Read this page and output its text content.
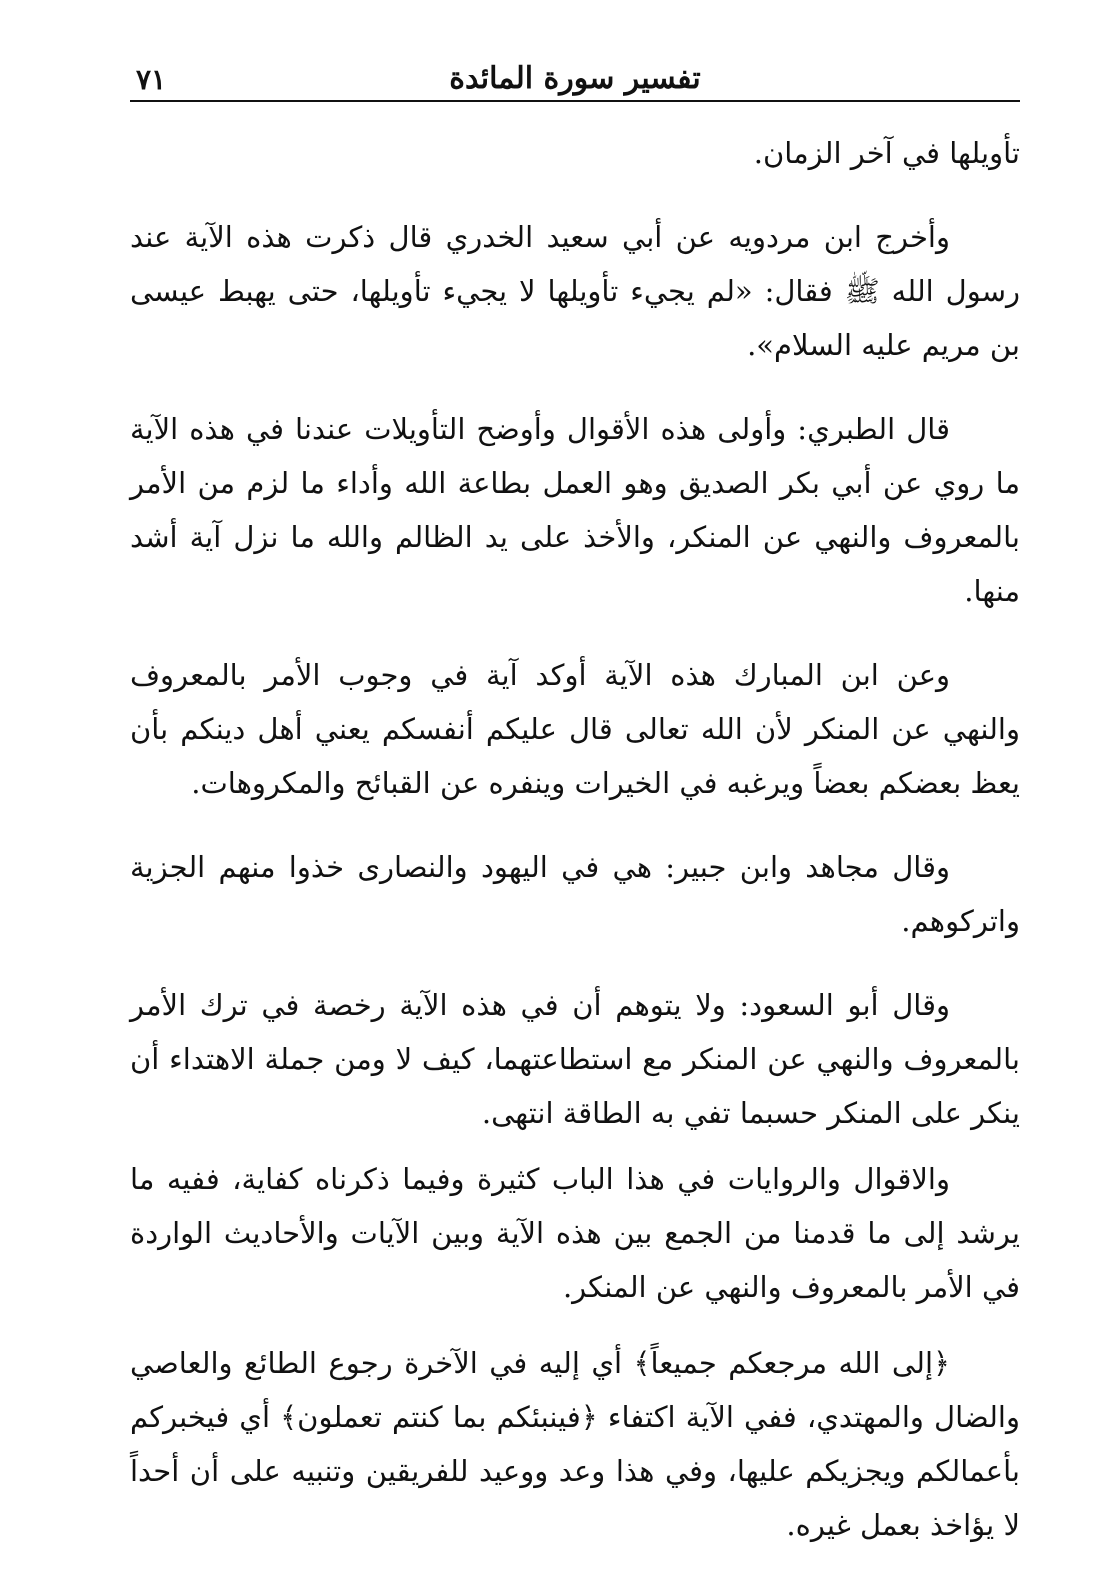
٧١	تفسير سورة المائدة

تأويلها في آخر الزمان.

وأخرج ابن مردويه عن أبي سعيد الخدري قال ذكرت هذه الآية عند رسول الله ﷺ فقال: «لم يجيء تأويلها لا يجيء تأويلها، حتى يهبط عيسى بن مريم عليه السلام».

قال الطبري: وأولى هذه الأقوال وأوضح التأويلات عندنا في هذه الآية ما روي عن أبي بكر الصديق وهو العمل بطاعة الله وأداء ما لزم من الأمر بالمعروف والنهي عن المنكر، والأخذ على يد الظالم والله ما نزل آية أشد منها.

وعن ابن المبارك هذه الآية أوكد آية في وجوب الأمر بالمعروف والنهي عن المنكر لأن الله تعالى قال عليكم أنفسكم يعني أهل دينكم بأن يعظ بعضكم بعضاً ويرغبه في الخيرات وينفره عن القبائح والمكروهات.

وقال مجاهد وابن جبير: هي في اليهود والنصارى خذوا منهم الجزية واتركوهم.

وقال أبو السعود: ولا يتوهم أن في هذه الآية رخصة في ترك الأمر بالمعروف والنهي عن المنكر مع استطاعتهما، كيف لا ومن جملة الاهتداء أن ينكر على المنكر حسبما تفي به الطاقة انتهى.

والاقوال والروايات في هذا الباب كثيرة وفيما ذكرناه كفاية، ففيه ما يرشد إلى ما قدمنا من الجمع بين هذه الآية وبين الآيات والأحاديث الواردة في الأمر بالمعروف والنهي عن المنكر.

﴿إلى الله مرجعكم جميعاً﴾ أي إليه في الآخرة رجوع الطائع والعاصي والضال والمهتدي، ففي الآية اكتفاء ﴿فينبئكم بما كنتم تعملون﴾ أي فيخبركم بأعمالكم ويجزيكم عليها، وفي هذا وعد ووعيد للفريقين وتنبيه على أن أحداً لا يؤاخذ بعمل غيره.
